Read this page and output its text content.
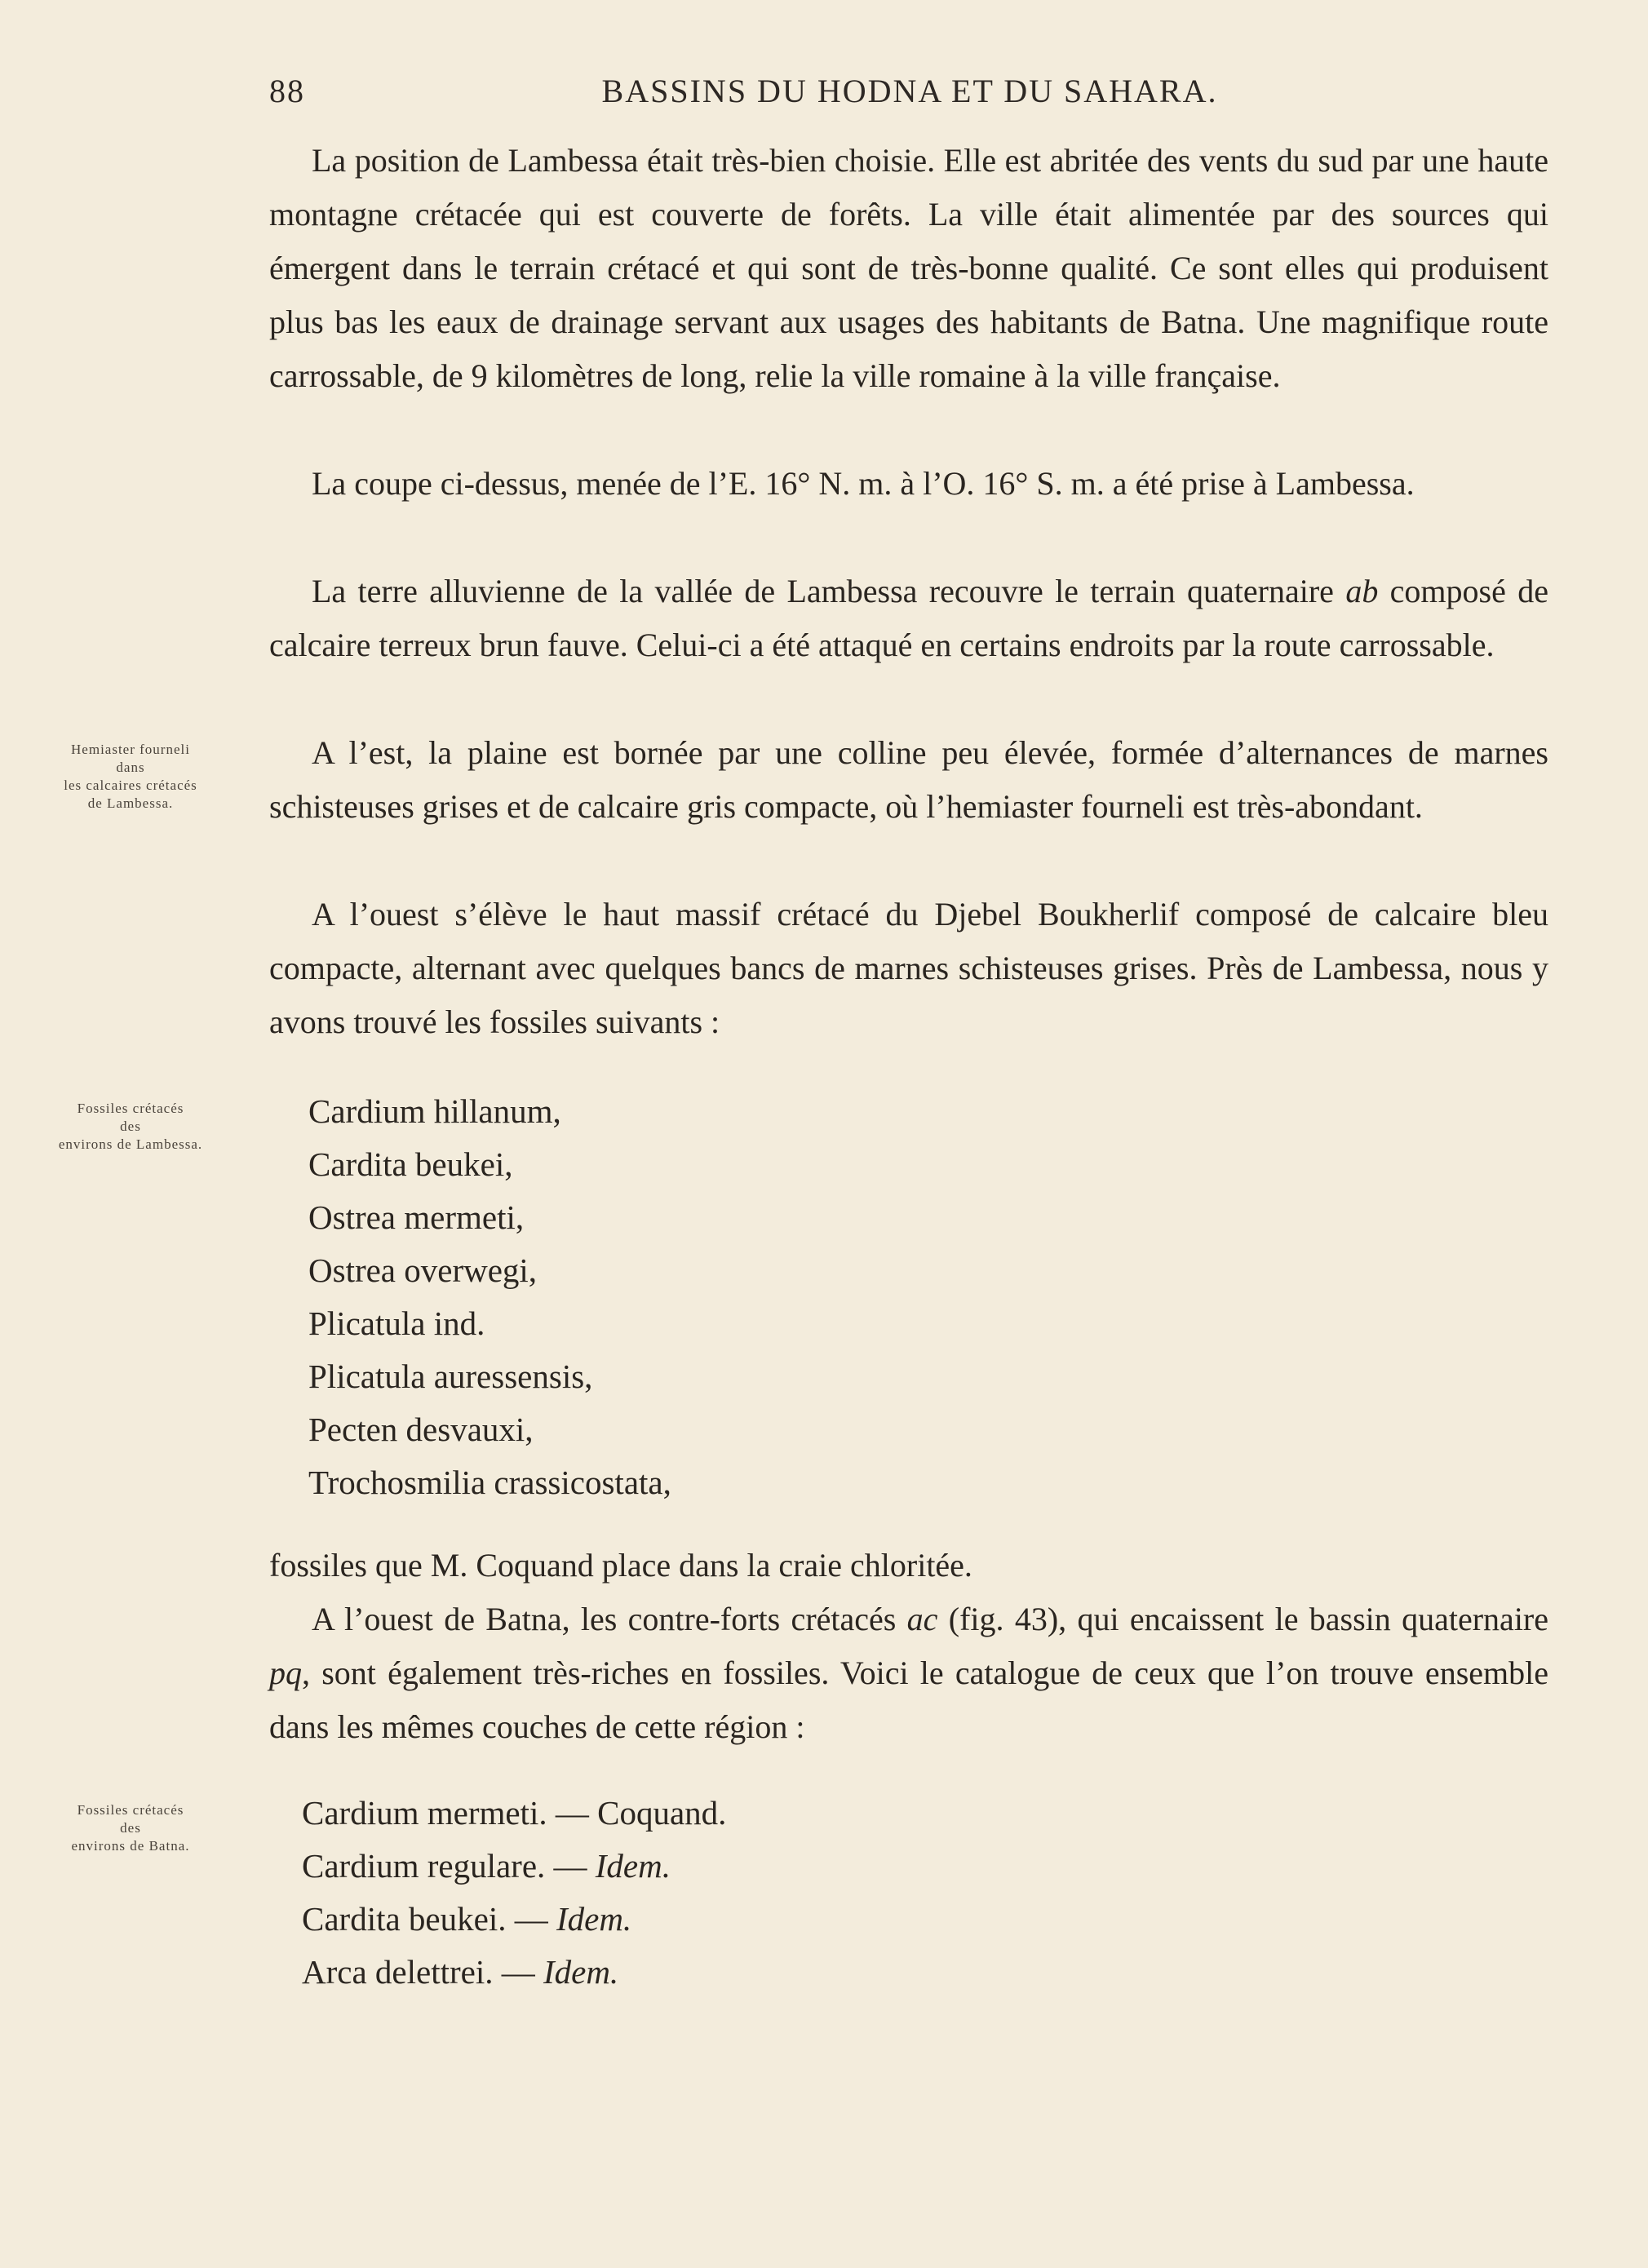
88	BASSINS DU HODNA ET DU SAHARA.

La position de Lambessa était très-bien choisie. Elle est abritée des vents du sud par une haute montagne crétacée qui est couverte de forêts. La ville était alimentée par des sources qui émergent dans le terrain crétacé et qui sont de très-bonne qualité. Ce sont elles qui produisent plus bas les eaux de drainage servant aux usages des habitants de Batna. Une magnifique route carrossable, de 9 kilomètres de long, relie la ville romaine à la ville française.

La coupe ci-dessus, menée de l’E. 16° N. m. à l’O. 16° S. m. a été prise à Lambessa.

La terre alluvienne de la vallée de Lambessa recouvre le terrain quaternaire ab composé de calcaire terreux brun fauve. Celui-ci a été attaqué en certains endroits par la route carrossable.

A l’est, la plaine est bornée par une colline peu élevée, formée d’alternances de marnes schisteuses grises et de calcaire gris compacte, où l’hemiaster fourneli est très-abondant.

A l’ouest s’élève le haut massif crétacé du Djebel Boukherlif composé de calcaire bleu compacte, alternant avec quelques bancs de marnes schisteuses grises. Près de Lambessa, nous y avons trouvé les fossiles suivants :

Cardium hillanum,
Cardita beukei,
Ostrea mermeti,
Ostrea overwegi,
Plicatula ind.
Plicatula auressensis,
Pecten desvauxi,
Trochosmilia crassicostata,

fossiles que M. Coquand place dans la craie chloritée.

A l’ouest de Batna, les contre-forts crétacés ac (fig. 43), qui encaissent le bassin quaternaire pq, sont également très-riches en fossiles. Voici le catalogue de ceux que l’on trouve ensemble dans les mêmes couches de cette région :

Cardium mermeti. — Coquand.
Cardium regulare. — Idem.
Cardita beukei. — Idem.
Arca delettrei. — Idem.
Hemiaster fourneli
dans
les calcaires crétacés
de Lambessa.
Fossiles crétacés
des
environs de Lambessa.
Fossiles crétacés
des
environs de Batna.
